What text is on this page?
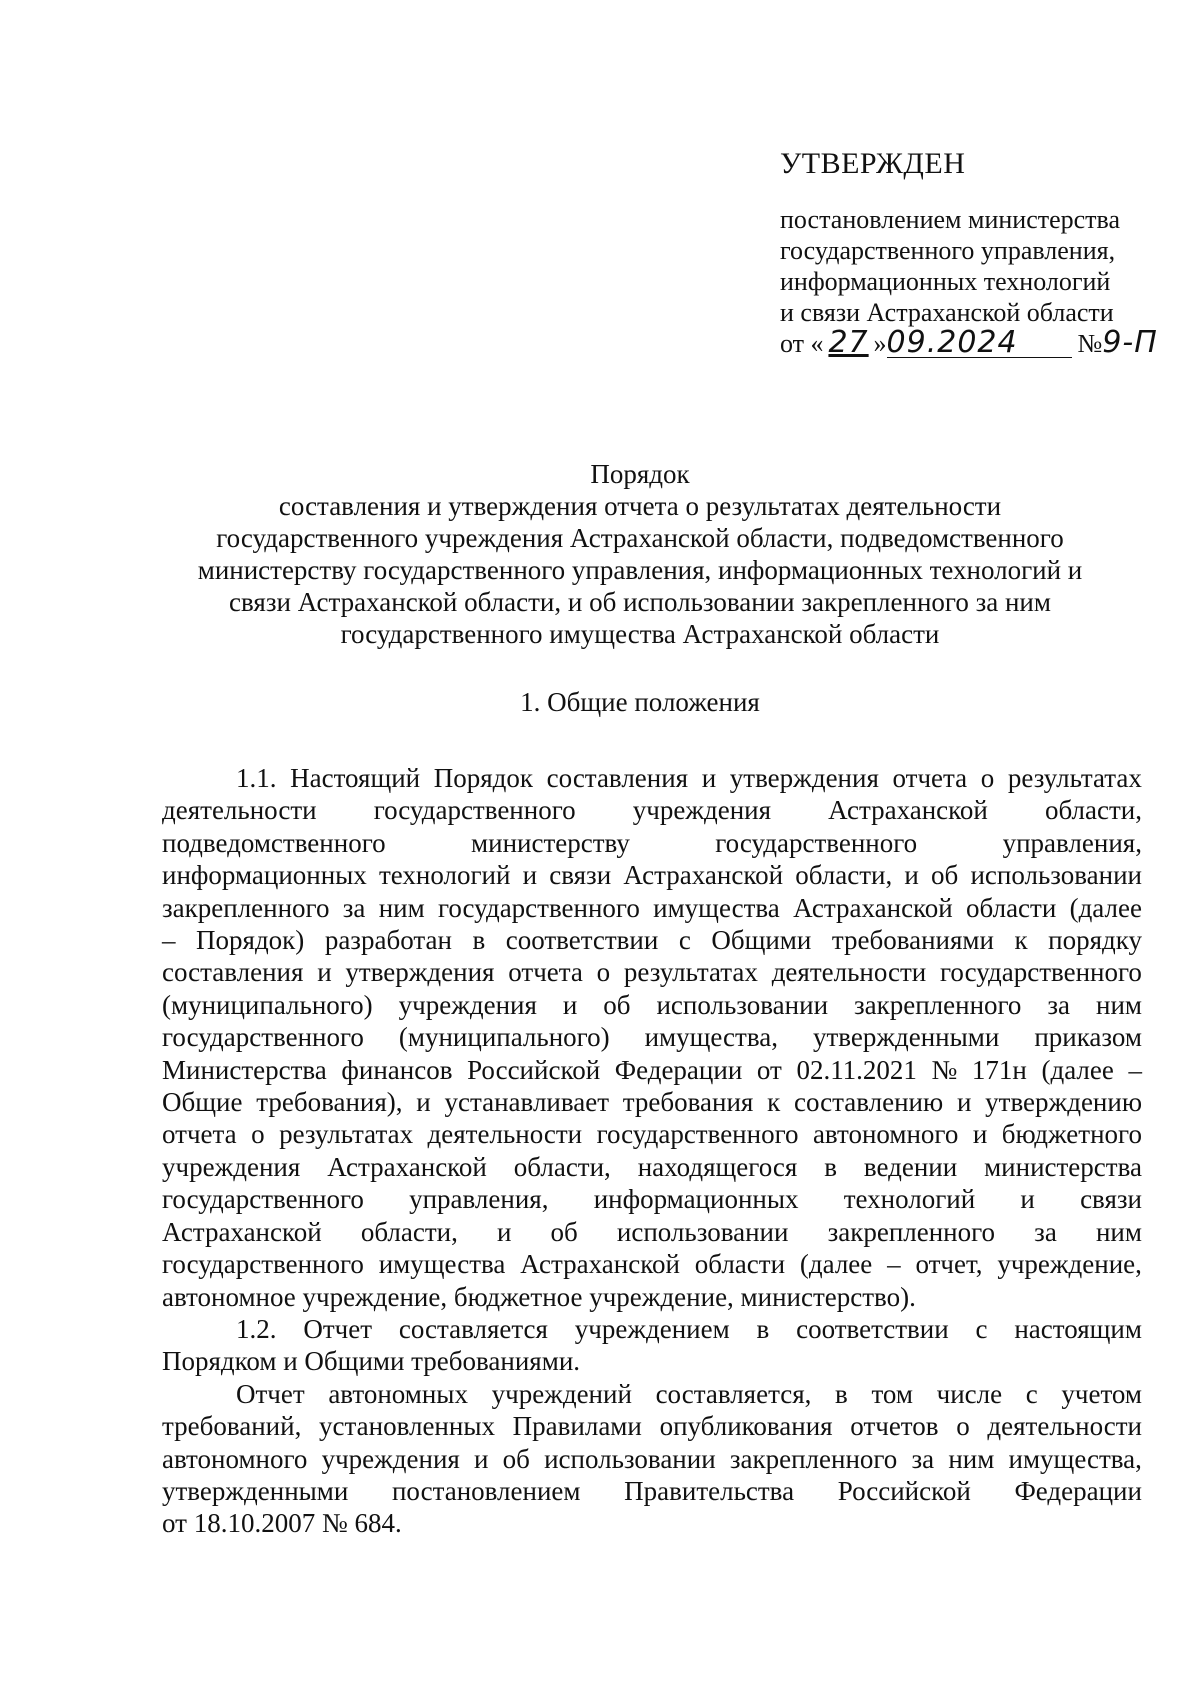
УТВЕРЖДЕН
постановлением министерства
государственного управления,
информационных технологий
и связи Астраханской области
от « 27 »09.2024 №9-П
Порядок
составления и утверждения отчета о результатах деятельности
государственного учреждения Астраханской области, подведомственного
министерству государственного управления, информационных технологий и
связи Астраханской области, и об использовании закрепленного за ним
государственного имущества Астраханской области
1. Общие положения
1.1. Настоящий Порядок составления и утверждения отчета о результатах
деятельности государственного учреждения Астраханской области,
подведомственного	министерству	государственного	управления,
информационных технологий и связи Астраханской области, и об использовании
закрепленного за ним государственного имущества Астраханской области (далее
– Порядок) разработан в соответствии с Общими требованиями к порядку
составления и утверждения отчета о результатах деятельности государственного
(муниципального) учреждения и об использовании закрепленного за ним
государственного (муниципального) имущества, утвержденными приказом
Министерства финансов Российской Федерации от 02.11.2021 № 171н (далее –
Общие требования), и устанавливает требования к составлению и утверждению
отчета о результатах деятельности государственного автономного и бюджетного
учреждения Астраханской области, находящегося в ведении министерства
государственного управления, информационных технологий и связи
Астраханской области, и об использовании закрепленного за ним
государственного имущества Астраханской области (далее – отчет, учреждение,
автономное учреждение, бюджетное учреждение, министерство).
1.2. Отчет составляется учреждением в соответствии с настоящим
Порядком и Общими требованиями.
Отчет автономных учреждений составляется, в том числе с учетом
требований, установленных Правилами опубликования отчетов о деятельности
автономного учреждения и об использовании закрепленного за ним имущества,
утвержденными постановлением Правительства Российской Федерации
от 18.10.2007 № 684.
